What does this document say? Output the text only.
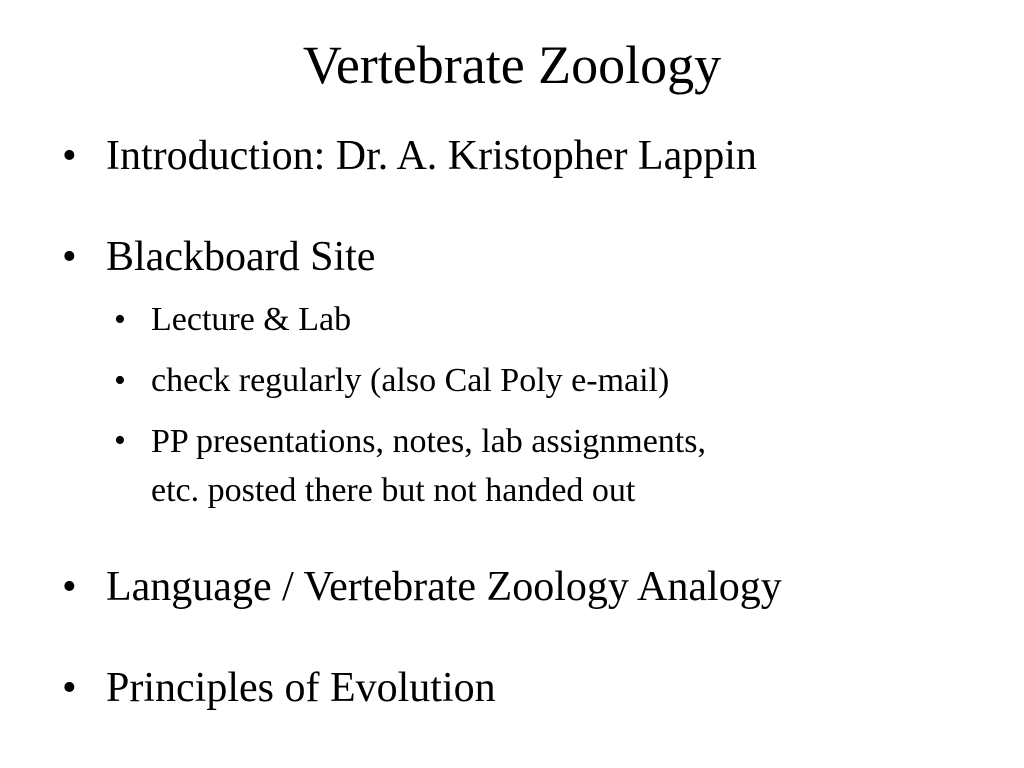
Vertebrate Zoology
• Introduction: Dr. A. Kristopher Lappin
• Blackboard Site
• Lecture & Lab
• check regularly (also Cal Poly e-mail)
• PP presentations, notes, lab assignments,
etc. posted there but not handed out
• Language / Vertebrate Zoology Analogy
• Principles of Evolution
